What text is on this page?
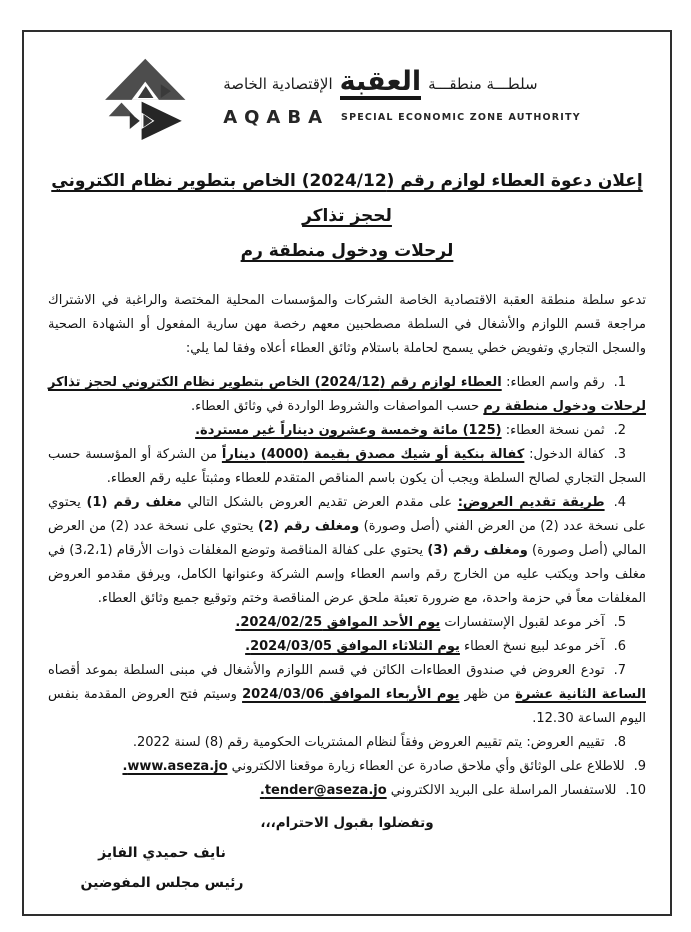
سلطـــة منطقـــة
العقبة
الإقتصادية الخاصة
AQABA SPECIAL ECONOMIC ZONE AUTHORITY
إعلان دعوة العطاء لوازم رقم (2024/12) الخاص بتطوير نظام الكتروني لحجز تذاكر
لرحلات ودخول منطقة رم

تدعو سلطة منطقة العقبة الاقتصادية الخاصة الشركات والمؤسسات المحلية المختصة والراغبة في الاشتراك مراجعة قسم اللوازم والأشغال في السلطة مصطحبين معهم رخصة مهن سارية المفعول أو الشهادة الصحية والسجل التجاري وتفويض خطي يسمح لحاملة باستلام وثائق العطاء أعلاه وفقا لما يلي:

1.رقم واسم العطاء: العطاء لوازم رقم (2024/12) الخاص بتطوير نظام الكتروني لحجز تذاكر لرحلات ودخول منطقة رم حسب المواصفات والشروط الواردة في وثائق العطاء.

2.ثمن نسخة العطاء: (125) مائة وخمسة وعشرون ديناراً غير مستردة.

3.كفالة الدخول: كفالة بنكية أو شيك مصدق بقيمة (4000) ديناراً من الشركة أو المؤسسة حسب السجل التجاري لصالح السلطة ويجب أن يكون باسم المناقص المتقدم للعطاء ومثبتاً عليه رقم العطاء.

4.طريقة تقديم العروض: على مقدم العرض تقديم العروض بالشكل التالي مغلف رقم (1) يحتوي على نسخة عدد (2) من العرض الفني (أصل وصورة) ومغلف رقم (2) يحتوي على نسخة عدد (2) من العرض المالي (أصل وصورة) ومغلف رقم (3) يحتوي على كفالة المناقصة وتوضع المغلفات ذوات الأرقام (3،2،1) في مغلف واحد ويكتب عليه من الخارج رقم واسم العطاء وإسم الشركة وعنوانها الكامل، ويرفق مقدمو العروض المغلفات معاً في حزمة واحدة، مع ضرورة تعبئة ملحق عرض المناقصة وختم وتوقيع جميع وثائق العطاء.

5.آخر موعد لقبول الإستفسارات يوم الأحد الموافق 2024/02/25.

6.آخر موعد لبيع نسخ العطاء يوم الثلاثاء الموافق 2024/03/05.

7.تودع العروض في صندوق العطاءات الكائن في قسم اللوازم والأشغال في مبنى السلطة بموعد أقصاه الساعة الثانية عشرة من ظهر يوم الأربعاء الموافق 2024/03/06 وسيتم فتح العروض المقدمة بنفس اليوم الساعة 12.30.

8.تقييم العروض: يتم تقييم العروض وفقاً لنظام المشتريات الحكومية رقم (8) لسنة 2022.

9.للاطلاع على الوثائق وأي ملاحق صادرة عن العطاء زيارة موقعنا الالكتروني www.aseza.jo.

10.للاستفسار المراسلة على البريد الالكتروني tender@aseza.jo.

وتفضلوا بقبول الاحترام،،،

نايف حميدي الفايز
رئيس مجلس المفوضين
